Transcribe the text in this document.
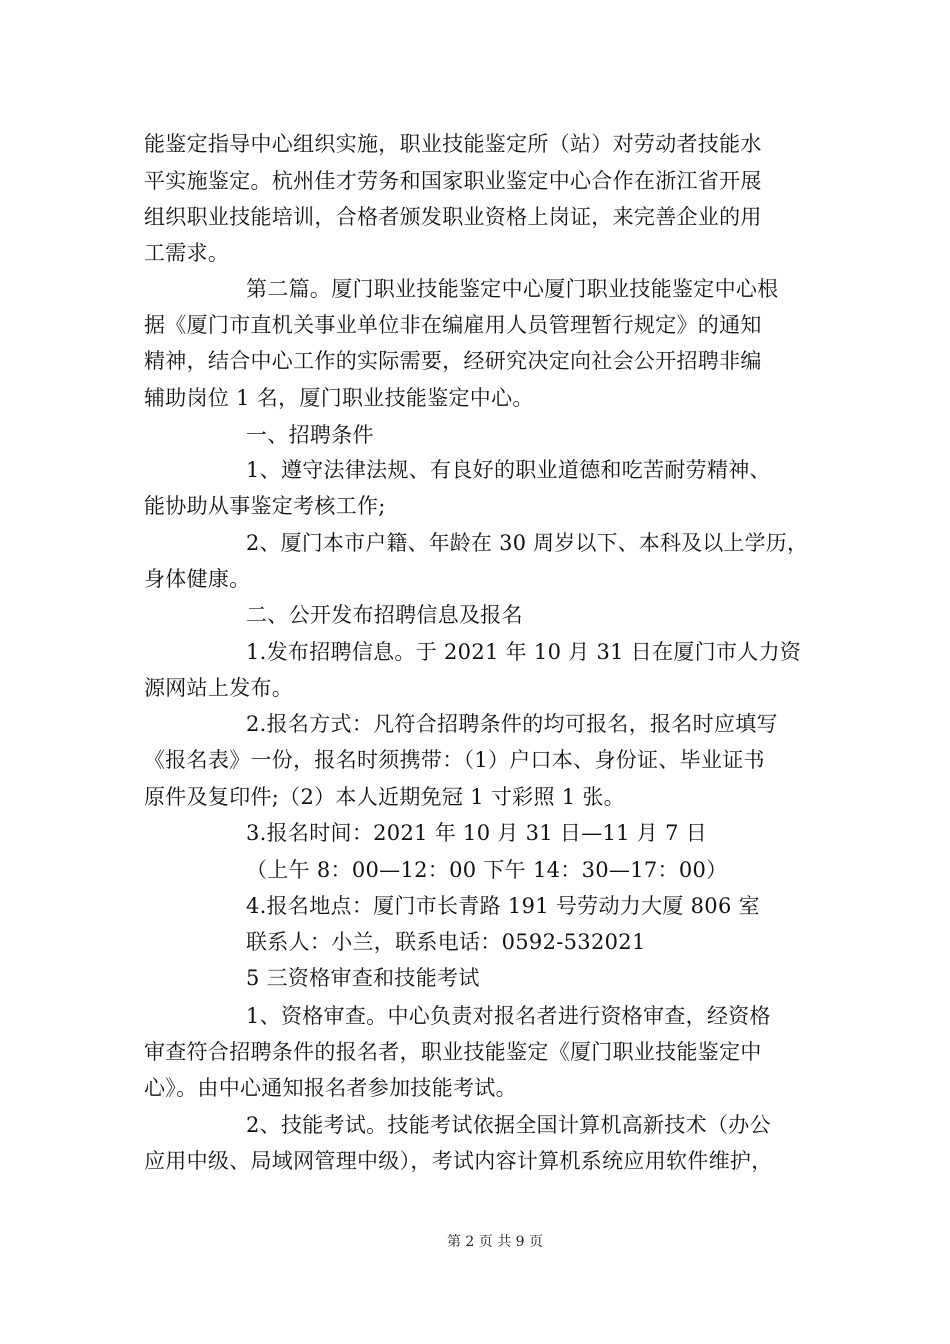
能鉴定指导中心组织实施，职业技能鉴定所（站）对劳动者技能水
平实施鉴定。杭州佳才劳务和国家职业鉴定中心合作在浙江省开展
组织职业技能培训，合格者颁发职业资格上岗证，来完善企业的用
工需求。
第二篇。厦门职业技能鉴定中心厦门职业技能鉴定中心根
据《厦门市直机关事业单位非在编雇用人员管理暂行规定》的通知
精神，结合中心工作的实际需要，经研究决定向社会公开招聘非编
辅助岗位 1 名，厦门职业技能鉴定中心。
一、招聘条件
1、遵守法律法规、有良好的职业道德和吃苦耐劳精神、
能协助从事鉴定考核工作;
2、厦门本市户籍、年龄在 30 周岁以下、本科及以上学历，
身体健康。
二、公开发布招聘信息及报名
1.发布招聘信息。于 2021 年 10 月 31 日在厦门市人力资
源网站上发布。
2.报名方式：凡符合招聘条件的均可报名，报名时应填写
《报名表》一份，报名时须携带：（1）户口本、身份证、毕业证书
原件及复印件;（2）本人近期免冠 1 寸彩照 1 张。
3.报名时间：2021 年 10 月 31 日—11 月 7 日
（上午 8：00—12：00 下午 14：30—17：00）
4.报名地点：厦门市长青路 191 号劳动力大厦 806 室
联系人：小兰，联系电话：0592-532021
5 三资格审查和技能考试
1、资格审查。中心负责对报名者进行资格审查，经资格
审查符合招聘条件的报名者，职业技能鉴定《厦门职业技能鉴定中
心》。由中心通知报名者参加技能考试。
2、技能考试。技能考试依据全国计算机高新技术（办公
应用中级、局域网管理中级），考试内容计算机系统应用软件维护，
第 2 页 共 9 页
